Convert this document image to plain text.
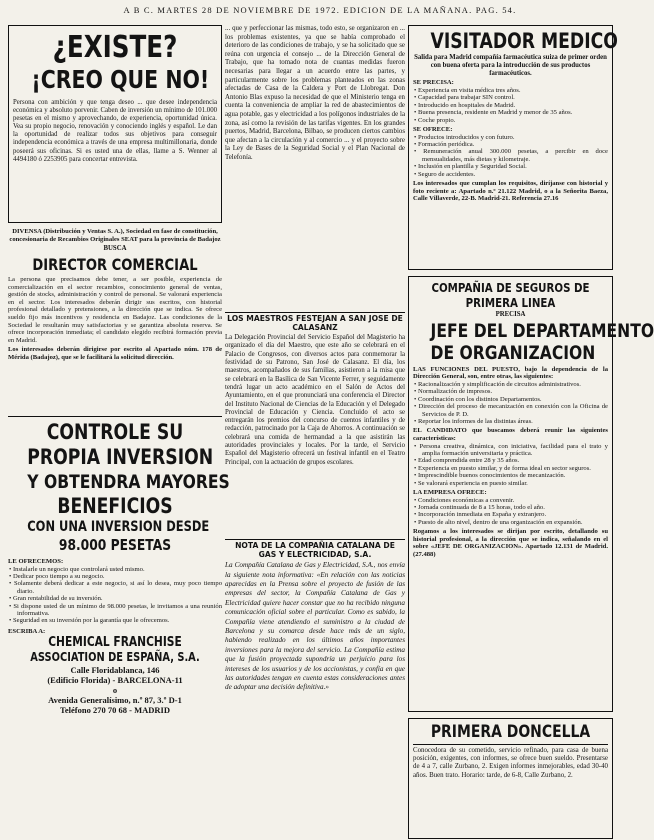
A B C. MARTES 28 DE NOVIEMBRE DE 1972. EDICION DE LA MAÑANA. PAG. 54.

¿EXISTE?

¡CREO QUE NO!

Persona con ambición y que tenga deseo ... que desee independencia económica y absoluto porvenir. Caben de inversión un mínimo de 101.000 pesetas en el mismo y aprovechando, de experiencia, oportunidad única. Vea su propio negocio, renovación y conociendo inglés y español. Le dan la oportunidad de realizar todos sus objetivos para conseguir independencia económica a través de una empresa multimillonaria, donde poseerá sus oficinas. Si es usted una de ellas, llame a S. Wenner al 4494180 ó 2253905 para concertar entrevista.

DIVENSA (Distribución y Ventas S. A.), Sociedad en fase de constitución, concesionaria de Recambios Originales SEAT para la provincia de Badajoz

BUSCA

DIRECTOR COMERCIAL

La persona que precisamos debe tener, a ser posible, experiencia de comercialización en el sector recambios, conocimiento general de ventas, gestión de stocks, administración y control de personal. Se valorará experiencia en el sector. Los interesados deberán dirigir sus escritos, con historial profesional detallado y pretensiones, a la dirección que se indica. Se ofrece sueldo fijo más incentivos y residencia en Badajoz. Las condiciones de la Sociedad le resultarán muy satisfactorias y se garantiza absoluta reserva. Se ofrece incorporación inmediata; el candidato elegido recibirá formación previa en Madrid.

Los interesados deberán dirigirse por escrito al Apartado núm. 178 de Mérida (Badajoz), que se le facilitará la solicitud dirección.

CONTROLE SU

PROPIA INVERSION

Y OBTENDRA MAYORES

BENEFICIOS

CON UNA INVERSION DESDE

98.000 PESETAS

LE OFRECEMOS:

• Instalarle un negocio que controlará usted mismo.

• Dedicar poco tiempo a su negocio.

• Solamente deberá dedicar a este negocio, si así lo desea, muy poco tiempo diario.

• Gran rentabilidad de su inversión.

• Si dispone usted de un mínimo de 98.000 pesetas, le invitamos a una reunión informativa.

• Seguridad en su inversión por la garantía que le ofrecemos.

ESCRIBA A:

CHEMICAL FRANCHISE

ASSOCIATION DE ESPAÑA, S.A.

Calle Floridablanca, 146

(Edificio Florida) - BARCELONA-11

o

Avenida Generalísimo, n.º 87, 3.º D-1

Teléfono 270 70 68 - MADRID

... que y perfeccionar las mismas, todo esto, se organizaron en ... los problemas existentes, ya que se había comprobado el deterioro de las condiciones de trabajo, y se ha solicitado que se reúna con urgencia el consejo ... de la Dirección General de Trabajo, que ha tomado nota de cuantas medidas fueron necesarias para llegar a un acuerdo entre las partes, y particularmente sobre los problemas planteados en las zonas afectadas de Casa de la Caldera y Port de Llobregat. Don Antonio Blas expuso la necesidad de que el Ministerio tenga en cuenta la conveniencia de ampliar la red de abastecimientos de agua potable, gas y electricidad a los polígonos industriales de la zona, así como la revisión de las tarifas vigentes. En los grandes puertos, Madrid, Barcelona, Bilbao, se producen ciertos cambios que afectan a la circulación y al comercio ... y el proyecto sobre la Ley de Bases de la Seguridad Social y el Plan Nacional de Telefonía.

LOS MAESTROS FESTEJAN A SAN JOSE DE CALASANZ

La Delegación Provincial del Servicio Español del Magisterio ha organizado el día del Maestro, que este año se celebrará en el Palacio de Congresos, con diversos actos para conmemorar la festividad de su Patrono, San José de Calasanz. El día, los maestros, acompañados de sus familias, asistieron a la misa que se celebrará en la Basílica de San Vicente Ferrer, y seguidamente tendrá lugar un acto académico en el Salón de Actos del Ayuntamiento, en el que pronunciará una conferencia el Director del Instituto Nacional de Ciencias de la Educación y el Delegado Provincial de Educación y Ciencia. Concluido el acto se entregarán los premios del concurso de cuentos infantiles y de redacción, patrocinado por la Caja de Ahorros. A continuación se celebrará una comida de hermandad a la que asistirán las autoridades provinciales y locales. Por la tarde, el Servicio Español del Magisterio ofrecerá un festival infantil en el Teatro Principal, con la actuación de grupos escolares.

NOTA DE LA COMPAÑIA CATALANA DE GAS Y ELECTRICIDAD, S.A.

La Compañía Catalana de Gas y Electricidad, S.A., nos envía la siguiente nota informativa: «En relación con las noticias aparecidas en la Prensa sobre el proyecto de fusión de las empresas del sector, la Compañía Catalana de Gas y Electricidad quiere hacer constar que no ha recibido ninguna comunicación oficial sobre el particular. Como es sabido, la Compañía viene atendiendo el suministro a la ciudad de Barcelona y su comarca desde hace más de un siglo, habiendo realizado en los últimos años importantes inversiones para la mejora del servicio. La Compañía estima que la fusión proyectada supondría un perjuicio para los intereses de los usuarios y de los accionistas, y confía en que las autoridades tengan en cuenta estas consideraciones antes de adoptar una decisión definitiva.»

VISITADOR MEDICO

Salida para Madrid compañía farmacéutica suiza de primer orden con buena oferta para la introducción de sus productos farmacéuticos.

SE PRECISA:

• Experiencia en visita médica tres años.

• Capacidad para trabajar SIN control.

• Introducido en hospitales de Madrid.

• Buena presencia, residente en Madrid y menor de 35 años.

• Coche propio.

SE OFRECE:

• Productos introducidos y con futuro.

• Formación periódica.

• Remuneración anual 300.000 pesetas, a percibir en doce mensualidades, más dietas y kilometraje.

• Inclusión en plantilla y Seguridad Social.

• Seguro de accidentes.

Los interesados que cumplan los requisitos, diríjanse con historial y foto reciente a: Apartado n.º 21.122 Madrid, o a la Señorita Baeza, Calle Villaverde, 22-B. Madrid-21. Referencia 27.16

COMPAÑIA DE SEGUROS DE PRIMERA LINEA

PRECISA

JEFE DEL DEPARTAMENTO

DE ORGANIZACION

LAS FUNCIONES DEL PUESTO, bajo la dependencia de la Dirección General, son, entre otras, las siguientes:

• Racionalización y simplificación de circuitos administrativos.

• Normalización de impresos.

• Coordinación con los distintos Departamentos.

• Dirección del proceso de mecanización en conexión con la Oficina de Servicios de P. D.

• Reportar los informes de las distintas áreas.

EL CANDIDATO que buscamos deberá reunir las siguientes características:

• Persona creativa, dinámica, con iniciativa, facilidad para el trato y amplia formación universitaria y práctica.

• Edad comprendida entre 28 y 35 años.

• Experiencia en puesto similar, y de forma ideal en sector seguros.

• Imprescindible buenos conocimientos de mecanización.

• Se valorará experiencia en puesto similar.

LA EMPRESA OFRECE:

• Condiciones económicas a convenir.

• Jornada continuada de 8 a 15 horas, todo el año.

• Incorporación inmediata en España y extranjero.

• Puesto de alto nivel, dentro de una organización en expansión.

Rogamos a los interesados se dirijan por escrito, detallando su historial profesional, a la dirección que se indica, señalando en el sobre «JEFE DE ORGANIZACION». Apartado 12.131 de Madrid. (27.488)

PRIMERA DONCELLA

Conocedora de su cometido, servicio refinado, para casa de buena posición, exigentes, con informes, se ofrece buen sueldo. Presentarse de 4 a 7, calle Zurbano, 2. Exigen informes inmejorables, edad 30-40 años. Buen trato. Horario: tarde, de 6-8, Calle Zurbano, 2.
